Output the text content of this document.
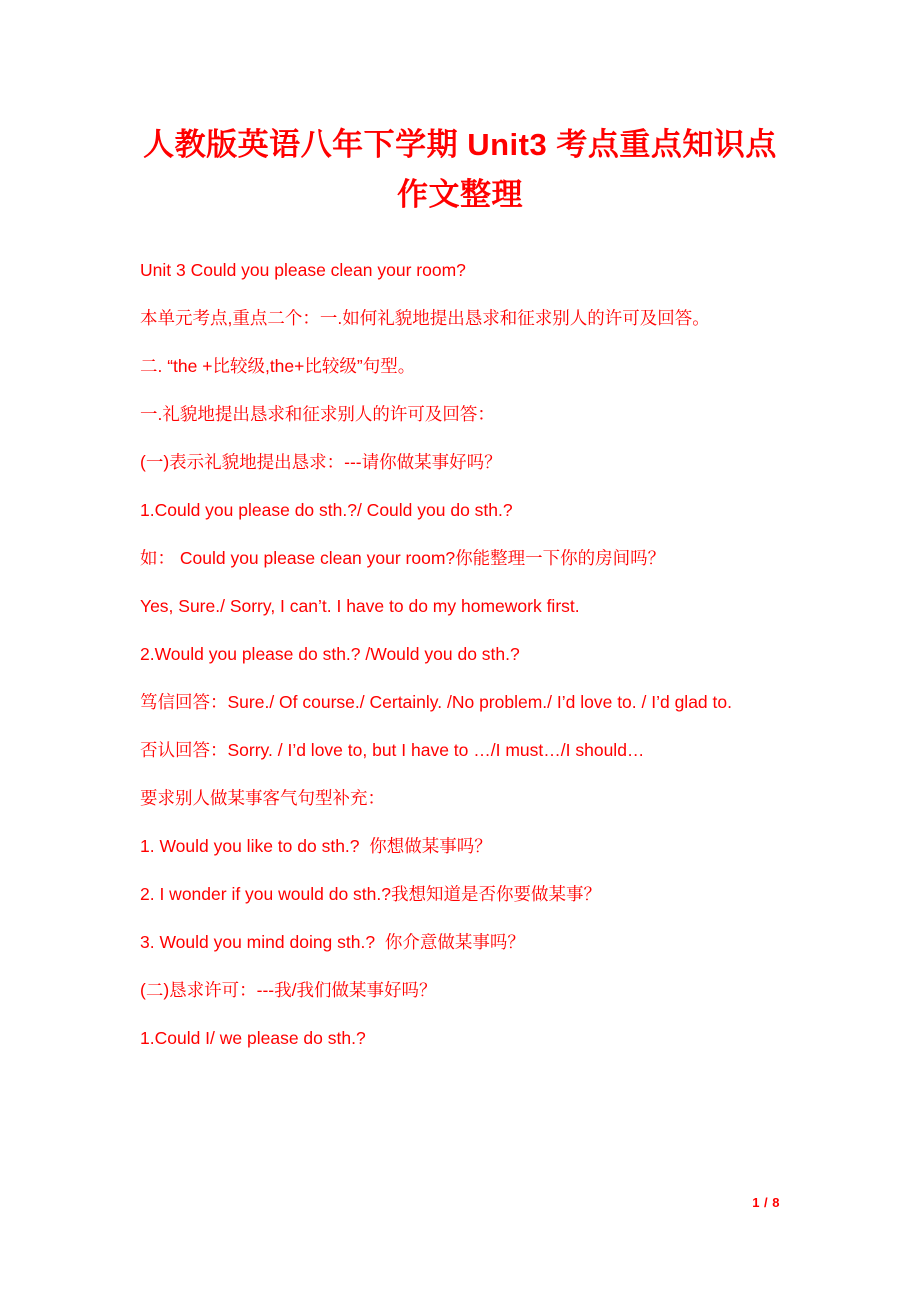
人教版英语八年下学期 Unit3 考点重点知识点作文整理

Unit 3 Could you please clean your room?

本单元考点,重点二个：一.如何礼貌地提出恳求和征求别人的许可及回答。

二. “the +比较级,the+比较级”句型。

一.礼貌地提出恳求和征求别人的许可及回答：

(一)表示礼貌地提出恳求：---请你做某事好吗？

1.Could you please do sth.?/ Could you do sth.?

如： Could you please clean your room?你能整理一下你的房间吗？

Yes, Sure./ Sorry, I can’t. I have to do my homework first.

2.Would you please do sth.? /Would you do sth.?

笃信回答：Sure./ Of course./ Certainly. /No problem./ I’d love to. / I’d glad to.

否认回答：Sorry. / I’d love to, but I have to …/I must…/I should…

要求别人做某事客气句型补充：

1. Would you like to do sth.?  你想做某事吗？

2. I wonder if you would do sth.?我想知道是否你要做某事？

3. Would you mind doing sth.?  你介意做某事吗？

(二)恳求许可：---我/我们做某事好吗？

1.Could I/ we please do sth.?

1 / 8
